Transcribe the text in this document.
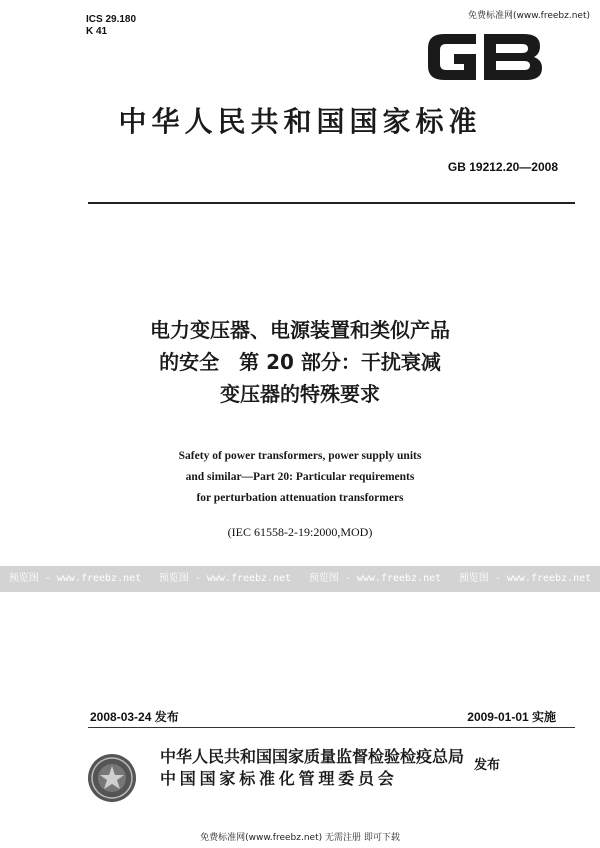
ICS 29.180
K 41
免费标准网(www.freebz.net)
中华人民共和国国家标准
GB 19212.20—2008
电力变压器、电源装置和类似产品
的安全　第 20 部分：干扰衰减
变压器的特殊要求
Safety of power transformers, power supply units
and similar—Part 20: Particular requirements
for perturbation attenuation transformers
(IEC 61558-2-19:2000,MOD)
预览图 - www.freebz.net 预览图 - www.freebz.net 预览图 - www.freebz.net 预览图 - www.freebz.net
2008-03-24 发布	2009-01-01 实施
中华人民共和国国家质量监督检验检疫总局
中国国家标准化管理委员会
发布
免费标准网(www.freebz.net) 无需注册 即可下载
